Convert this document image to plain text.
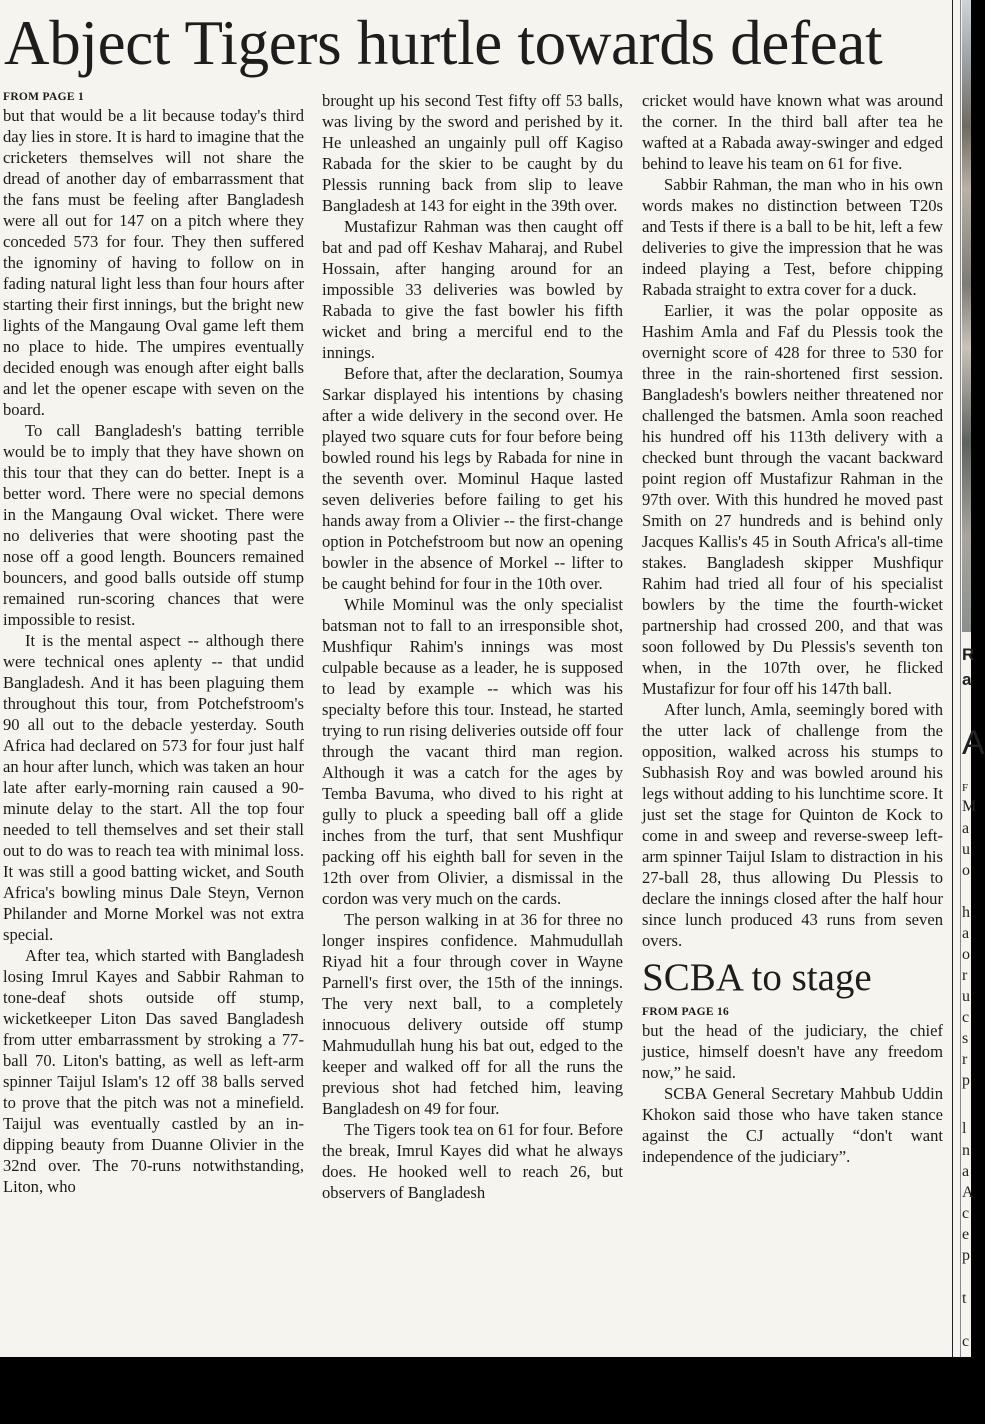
Abject Tigers hurtle towards defeat
FROM PAGE 1

but that would be a lit because today's third day lies in store. It is hard to imagine that the cricketers themselves will not share the dread of another day of embarrassment that the fans must be feeling after Bangladesh were all out for 147 on a pitch where they conceded 573 for four. They then suffered the ignominy of having to follow on in fading natural light less than four hours after starting their first innings, but the bright new lights of the Mangaung Oval game left them no place to hide. The umpires eventually decided enough was enough after eight balls and let the opener escape with seven on the board.

To call Bangladesh's batting terrible would be to imply that they have shown on this tour that they can do better. Inept is a better word. There were no special demons in the Mangaung Oval wicket. There were no deliveries that were shooting past the nose off a good length. Bouncers remained bouncers, and good balls outside off stump remained run-scoring chances that were impossible to resist.

It is the mental aspect -- although there were technical ones aplenty -- that undid Bangladesh. And it has been plaguing them throughout this tour, from Potchefstroom's 90 all out to the debacle yesterday. South Africa had declared on 573 for four just half an hour after lunch, which was taken an hour late after early-morning rain caused a 90-minute delay to the start. All the top four needed to tell themselves and set their stall out to do was to reach tea with minimal loss. It was still a good batting wicket, and South Africa's bowling minus Dale Steyn, Vernon Philander and Morne Morkel was not extra special.

After tea, which started with Bangladesh losing Imrul Kayes and Sabbir Rahman to tone-deaf shots outside off stump, wicketkeeper Liton Das saved Bangladesh from utter embarrassment by stroking a 77-ball 70. Liton's batting, as well as left-arm spinner Taijul Islam's 12 off 38 balls served to prove that the pitch was not a minefield. Taijul was eventually castled by an in-dipping beauty from Duanne Olivier in the 32nd over. The 70-runs notwithstanding, Liton, who

brought up his second Test fifty off 53 balls, was living by the sword and perished by it. He unleashed an ungainly pull off Kagiso Rabada for the skier to be caught by du Plessis running back from slip to leave Bangladesh at 143 for eight in the 39th over.

Mustafizur Rahman was then caught off bat and pad off Keshav Maharaj, and Rubel Hossain, after hanging around for an impossible 33 deliveries was bowled by Rabada to give the fast bowler his fifth wicket and bring a merciful end to the innings.

Before that, after the declaration, Soumya Sarkar displayed his intentions by chasing after a wide delivery in the second over. He played two square cuts for four before being bowled round his legs by Rabada for nine in the seventh over. Mominul Haque lasted seven deliveries before failing to get his hands away from a Olivier -- the first-change option in Potchefstroom but now an opening bowler in the absence of Morkel -- lifter to be caught behind for four in the 10th over.

While Mominul was the only specialist batsman not to fall to an irresponsible shot, Mushfiqur Rahim's innings was most culpable because as a leader, he is supposed to lead by example -- which was his specialty before this tour. Instead, he started trying to run rising deliveries outside off four through the vacant third man region. Although it was a catch for the ages by Temba Bavuma, who dived to his right at gully to pluck a speeding ball off a glide inches from the turf, that sent Mushfiqur packing off his eighth ball for seven in the 12th over from Olivier, a dismissal in the cordon was very much on the cards.

The person walking in at 36 for three no longer inspires confidence. Mahmudullah Riyad hit a four through cover in Wayne Parnell's first over, the 15th of the innings. The very next ball, to a completely innocuous delivery outside off stump Mahmudullah hung his bat out, edged to the keeper and walked off for all the runs the previous shot had fetched him, leaving Bangladesh on 49 for four.

The Tigers took tea on 61 for four. Before the break, Imrul Kayes did what he always does. He hooked well to reach 26, but observers of Bangladesh

cricket would have known what was around the corner. In the third ball after tea he wafted at a Rabada away-swinger and edged behind to leave his team on 61 for five.

Sabbir Rahman, the man who in his own words makes no distinction between T20s and Tests if there is a ball to be hit, left a few deliveries to give the impression that he was indeed playing a Test, before chipping Rabada straight to extra cover for a duck.

Earlier, it was the polar opposite as Hashim Amla and Faf du Plessis took the overnight score of 428 for three to 530 for three in the rain-shortened first session. Bangladesh's bowlers neither threatened nor challenged the batsmen. Amla soon reached his hundred off his 113th delivery with a checked bunt through the vacant backward point region off Mustafizur Rahman in the 97th over. With this hundred he moved past Smith on 27 hundreds and is behind only Jacques Kallis's 45 in South Africa's all-time stakes. Bangladesh skipper Mushfiqur Rahim had tried all four of his specialist bowlers by the time the fourth-wicket partnership had crossed 200, and that was soon followed by Du Plessis's seventh ton when, in the 107th over, he flicked Mustafizur for four off his 147th ball.

After lunch, Amla, seemingly bored with the utter lack of challenge from the opposition, walked across his stumps to Subhasish Roy and was bowled around his legs without adding to his lunchtime score. It just set the stage for Quinton de Kock to come in and sweep and reverse-sweep left-arm spinner Taijul Islam to distraction in his 27-ball 28, thus allowing Du Plessis to declare the innings closed after the half hour since lunch produced 43 runs from seven overs.

SCBA to stage
FROM PAGE 16

but the head of the judiciary, the chief justice, himself doesn't have any freedom now,” he said.

SCBA General Secretary Mahbub Uddin Khokon said those who have taken stance against the CJ actually “don't want independence of the judiciary”.

R
a
A
F
M
a
u
o
h
a
o
r
u
c
s
r
p
l
n
a
A
c
e
p
t
c
